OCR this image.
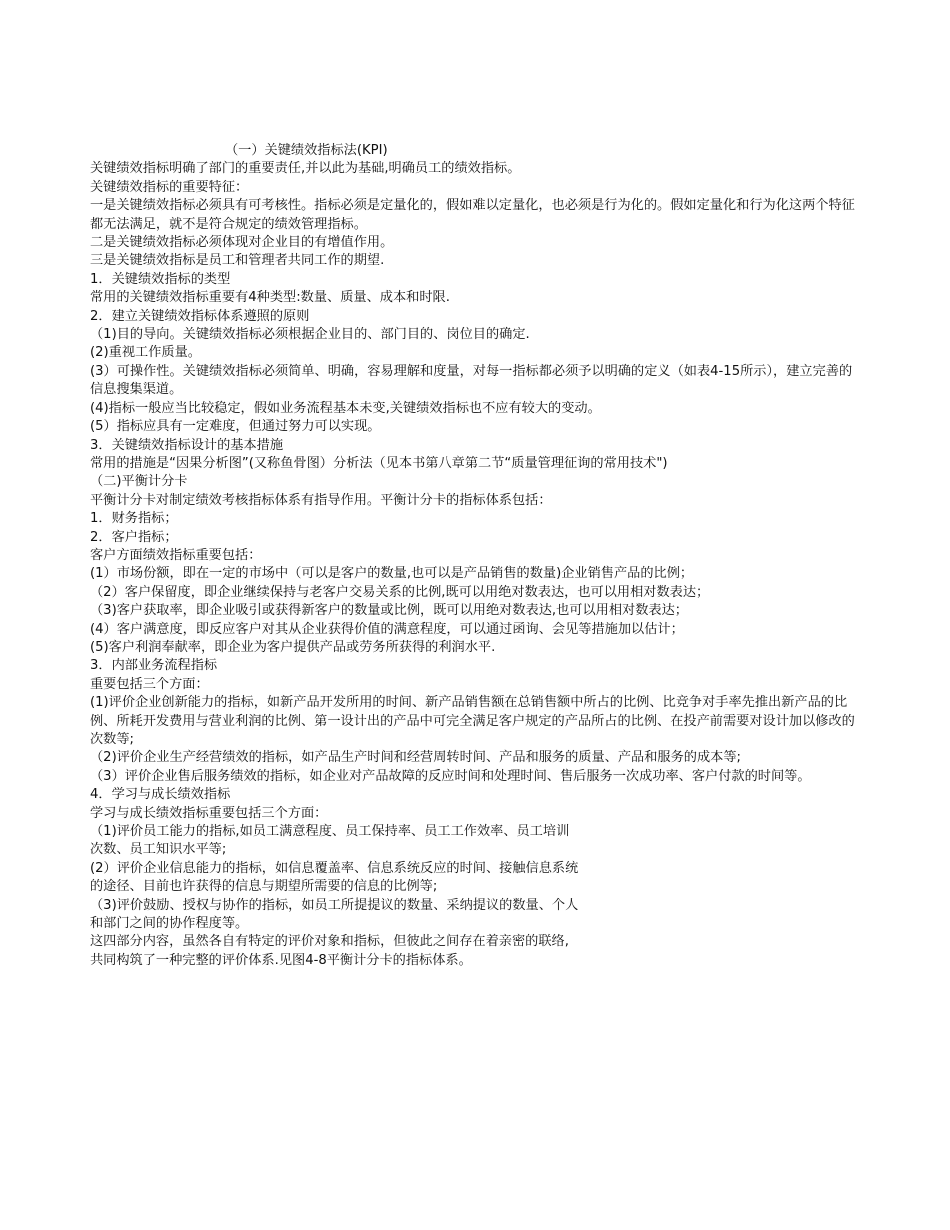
（一）关键绩效指标法(KPI)

关键绩效指标明确了部门的重要责任,并以此为基础,明确员工的绩效指标。

关键绩效指标的重要特征：

一是关键绩效指标必须具有可考核性。指标必须是定量化的，假如难以定量化，也必须是行为化的。假如定量化和行为化这两个特征都无法满足，就不是符合规定的绩效管理指标。

二是关键绩效指标必须体现对企业目的有增值作用。

三是关键绩效指标是员工和管理者共同工作的期望.

1．关键绩效指标的类型

常用的关键绩效指标重要有4种类型:数量、质量、成本和时限.

2．建立关键绩效指标体系遵照的原则

（1)目的导向。关键绩效指标必须根据企业目的、部门目的、岗位目的确定.

(2)重视工作质量。

(3）可操作性。关键绩效指标必须简单、明确，容易理解和度量，对每一指标都必须予以明确的定义（如表4-15所示），建立完善的信息搜集渠道。

(4)指标一般应当比较稳定，假如业务流程基本未变,关键绩效指标也不应有较大的变动。

(5）指标应具有一定难度，但通过努力可以实现。

3．关键绩效指标设计的基本措施

常用的措施是“因果分析图”(又称鱼骨图）分析法（见本书第八章第二节“质量管理征询的常用技术")

（二)平衡计分卡

平衡计分卡对制定绩效考核指标体系有指导作用。平衡计分卡的指标体系包括：

1．财务指标；

2．客户指标；

客户方面绩效指标重要包括：

(1）市场份额，即在一定的市场中（可以是客户的数量,也可以是产品销售的数量)企业销售产品的比例；

（2）客户保留度，即企业继续保持与老客户交易关系的比例,既可以用绝对数表达，也可以用相对数表达；

（3)客户获取率，即企业吸引或获得新客户的数量或比例，既可以用绝对数表达,也可以用相对数表达；

(4）客户满意度，即反应客户对其从企业获得价值的满意程度，可以通过函询、会见等措施加以估计；

(5)客户利润奉献率，即企业为客户提供产品或劳务所获得的利润水平.

3．内部业务流程指标

重要包括三个方面：

(1)评价企业创新能力的指标，如新产品开发所用的时间、新产品销售额在总销售额中所占的比例、比竞争对手率先推出新产品的比例、所耗开发费用与营业利润的比例、第一设计出的产品中可完全满足客户规定的产品所占的比例、在投产前需要对设计加以修改的次数等;

（2)评价企业生产经营绩效的指标，如产品生产时间和经营周转时间、产品和服务的质量、产品和服务的成本等;

（3）评价企业售后服务绩效的指标，如企业对产品故障的反应时间和处理时间、售后服务一次成功率、客户付款的时间等。

4．学习与成长绩效指标

学习与成长绩效指标重要包括三个方面：

（1)评价员工能力的指标,如员工满意程度、员工保持率、员工工作效率、员工培训

次数、员工知识水平等;

(2）评价企业信息能力的指标，如信息覆盖率、信息系统反应的时间、接触信息系统

的途径、目前也许获得的信息与期望所需要的信息的比例等;

（3)评价鼓励、授权与协作的指标，如员工所提提议的数量、采纳提议的数量、个人

和部门之间的协作程度等。

这四部分内容，虽然各自有特定的评价对象和指标，但彼此之间存在着亲密的联络,

共同构筑了一种完整的评价体系.见图4-8平衡计分卡的指标体系。
